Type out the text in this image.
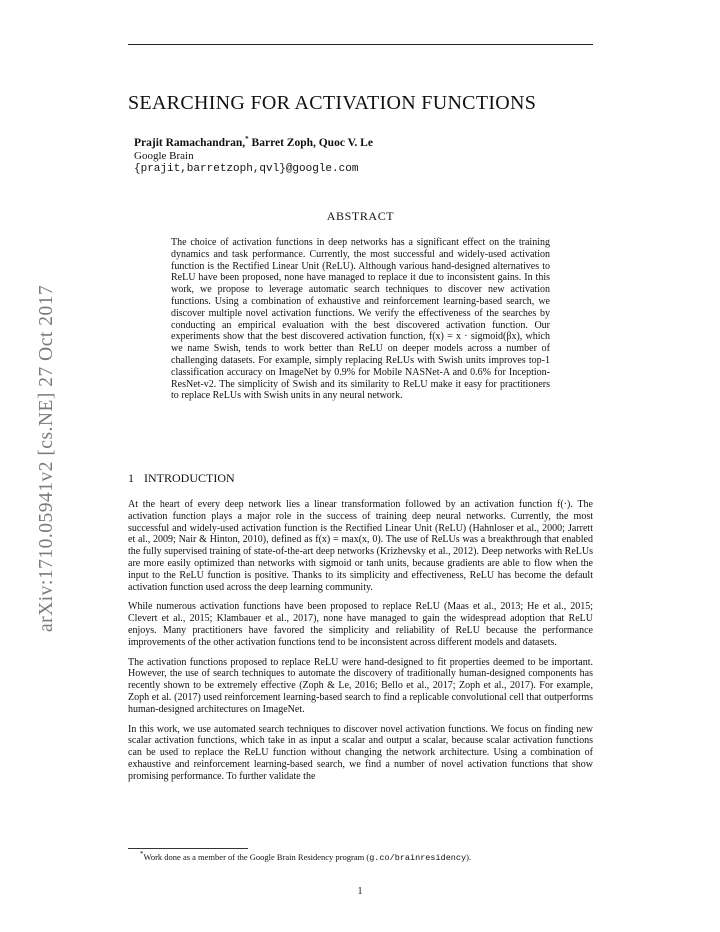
arXiv:1710.05941v2 [cs.NE] 27 Oct 2017
SEARCHING FOR ACTIVATION FUNCTIONS
Prajit Ramachandran,* Barret Zoph, Quoc V. Le
Google Brain
{prajit,barretzoph,qvl}@google.com
ABSTRACT
The choice of activation functions in deep networks has a significant effect on the training dynamics and task performance. Currently, the most successful and widely-used activation function is the Rectified Linear Unit (ReLU). Although various hand-designed alternatives to ReLU have been proposed, none have managed to replace it due to inconsistent gains. In this work, we propose to leverage automatic search techniques to discover new activation functions. Using a combination of exhaustive and reinforcement learning-based search, we discover multiple novel activation functions. We verify the effectiveness of the searches by conducting an empirical evaluation with the best discovered activation function. Our experiments show that the best discovered activation function, f(x) = x · sigmoid(βx), which we name Swish, tends to work better than ReLU on deeper models across a number of challenging datasets. For example, simply replacing ReLUs with Swish units improves top-1 classification accuracy on ImageNet by 0.9% for Mobile NASNet-A and 0.6% for Inception-ResNet-v2. The simplicity of Swish and its similarity to ReLU make it easy for practitioners to replace ReLUs with Swish units in any neural network.
1 INTRODUCTION

At the heart of every deep network lies a linear transformation followed by an activation function f(·). The activation function plays a major role in the success of training deep neural networks. Currently, the most successful and widely-used activation function is the Rectified Linear Unit (ReLU) (Hahnloser et al., 2000; Jarrett et al., 2009; Nair & Hinton, 2010), defined as f(x) = max(x, 0). The use of ReLUs was a breakthrough that enabled the fully supervised training of state-of-the-art deep networks (Krizhevsky et al., 2012). Deep networks with ReLUs are more easily optimized than networks with sigmoid or tanh units, because gradients are able to flow when the input to the ReLU function is positive. Thanks to its simplicity and effectiveness, ReLU has become the default activation function used across the deep learning community.

While numerous activation functions have been proposed to replace ReLU (Maas et al., 2013; He et al., 2015; Clevert et al., 2015; Klambauer et al., 2017), none have managed to gain the widespread adoption that ReLU enjoys. Many practitioners have favored the simplicity and reliability of ReLU because the performance improvements of the other activation functions tend to be inconsistent across different models and datasets.

The activation functions proposed to replace ReLU were hand-designed to fit properties deemed to be important. However, the use of search techniques to automate the discovery of traditionally human-designed components has recently shown to be extremely effective (Zoph & Le, 2016; Bello et al., 2017; Zoph et al., 2017). For example, Zoph et al. (2017) used reinforcement learning-based search to find a replicable convolutional cell that outperforms human-designed architectures on ImageNet.

In this work, we use automated search techniques to discover novel activation functions. We focus on finding new scalar activation functions, which take in as input a scalar and output a scalar, because scalar activation functions can be used to replace the ReLU function without changing the network architecture. Using a combination of exhaustive and reinforcement learning-based search, we find a number of novel activation functions that show promising performance. To further validate the

*Work done as a member of the Google Brain Residency program (g.co/brainresidency).
1
